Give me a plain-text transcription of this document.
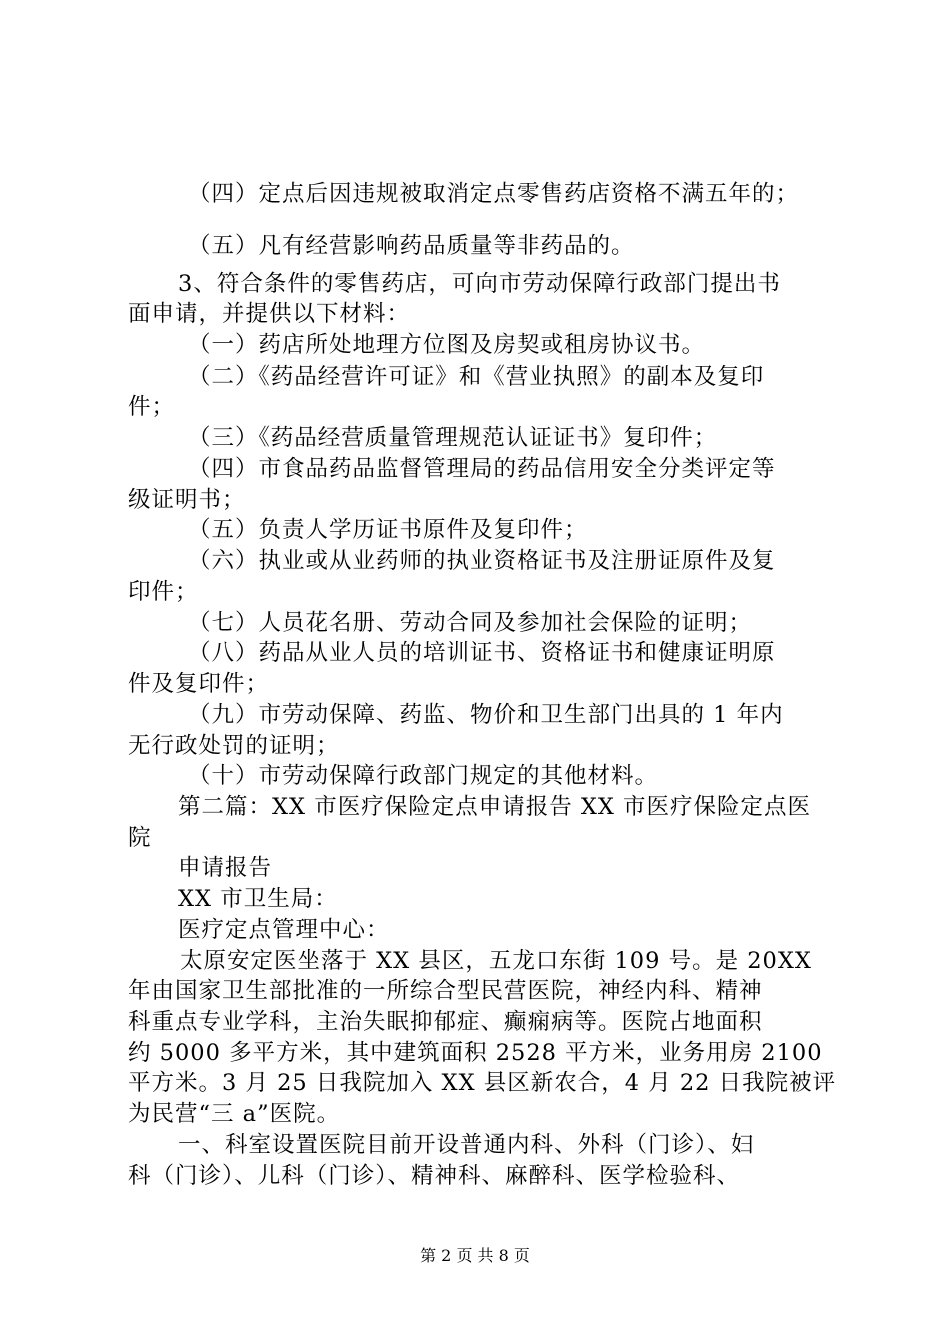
（四）定点后因违规被取消定点零售药店资格不满五年的；
（五）凡有经营影响药品质量等非药品的。
3、符合条件的零售药店，可向市劳动保障行政部门提出书
面申请，并提供以下材料：
（一）药店所处地理方位图及房契或租房协议书。
（二）《药品经营许可证》和《营业执照》的副本及复印
件；
（三）《药品经营质量管理规范认证证书》复印件；
（四）市食品药品监督管理局的药品信用安全分类评定等
级证明书；
（五）负责人学历证书原件及复印件；
（六）执业或从业药师的执业资格证书及注册证原件及复
印件；
（七）人员花名册、劳动合同及参加社会保险的证明；
（八）药品从业人员的培训证书、资格证书和健康证明原
件及复印件；
（九）市劳动保障、药监、物价和卫生部门出具的 1 年内
无行政处罚的证明；
（十）市劳动保障行政部门规定的其他材料。
第二篇：XX 市医疗保险定点申请报告 XX 市医疗保险定点医
院
申请报告
XX 市卫生局：
医疗定点管理中心：
太原安定医坐落于 XX 县区，五龙口东街 109 号。是 20XX
年由国家卫生部批准的一所综合型民营医院，神经内科、精神
科重点专业学科，主治失眠抑郁症、癫痫病等。医院占地面积
约 5000 多平方米，其中建筑面积 2528 平方米，业务用房 2100
平方米。3 月 25 日我院加入 XX 县区新农合，4 月 22 日我院被评
为民营“三 a”医院。
一、科室设置医院目前开设普通内科、外科（门诊）、妇
科（门诊）、儿科（门诊）、精神科、麻醉科、医学检验科、
第 2 页 共 8 页
